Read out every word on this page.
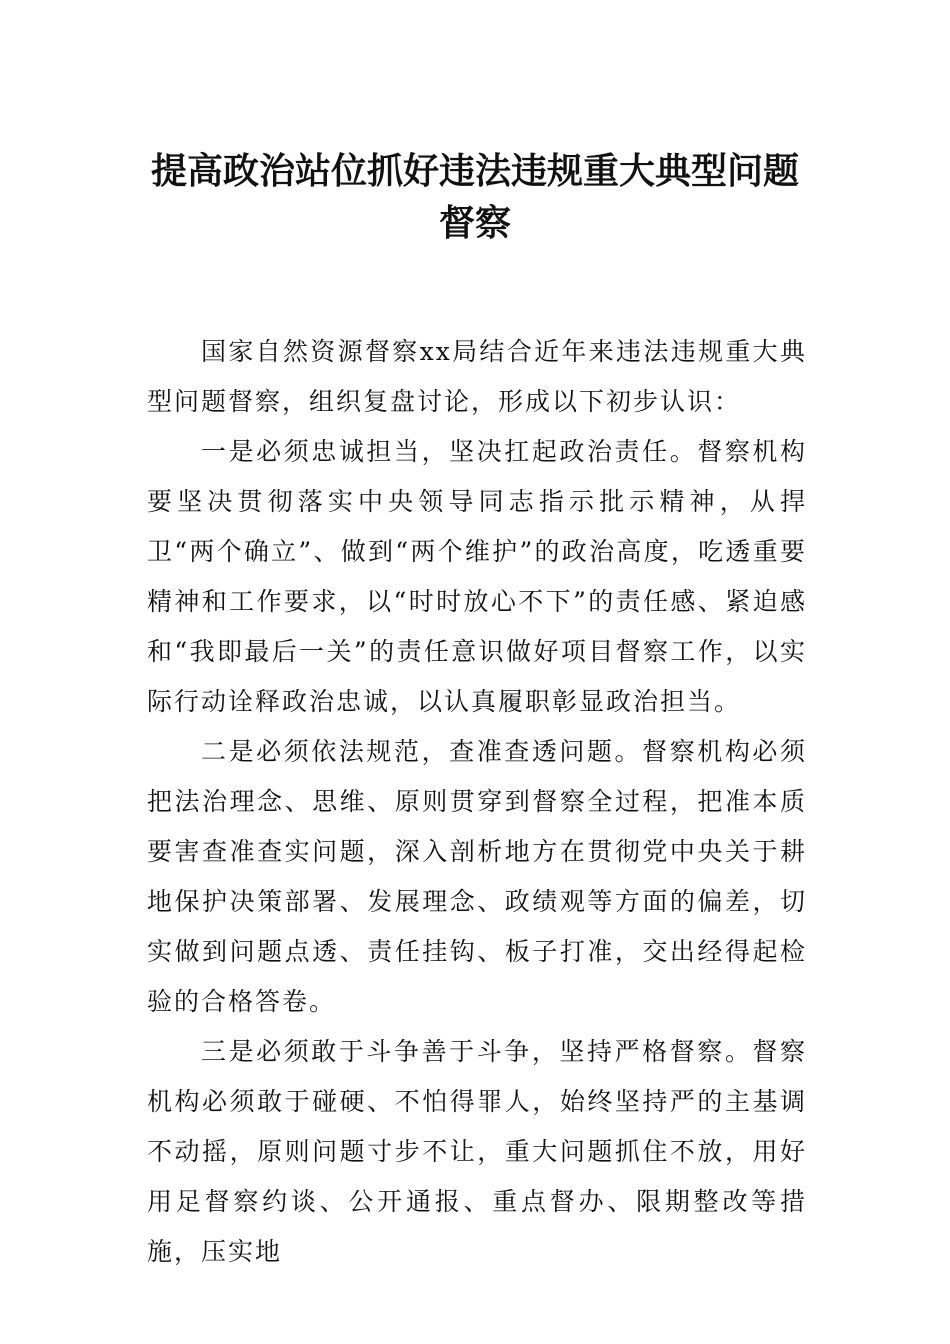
提高政治站位抓好违法违规重大典型问题
督察

国家自然资源督察xx局结合近年来违法违规重大典型问题督察，组织复盘讨论，形成以下初步认识：

一是必须忠诚担当，坚决扛起政治责任。督察机构要坚决贯彻落实中央领导同志指示批示精神，从捍卫“两个确立”、做到“两个维护”的政治高度，吃透重要精神和工作要求，以“时时放心不下”的责任感、紧迫感和“我即最后一关”的责任意识做好项目督察工作，以实际行动诠释政治忠诚，以认真履职彰显政治担当。

二是必须依法规范，查准查透问题。督察机构必须把法治理念、思维、原则贯穿到督察全过程，把准本质要害查准查实问题，深入剖析地方在贯彻党中央关于耕地保护决策部署、发展理念、政绩观等方面的偏差，切实做到问题点透、责任挂钩、板子打准，交出经得起检验的合格答卷。

三是必须敢于斗争善于斗争，坚持严格督察。督察机构必须敢于碰硬、不怕得罪人，始终坚持严的主基调不动摇，原则问题寸步不让，重大问题抓住不放，用好用足督察约谈、公开通报、重点督办、限期整改等措施，压实地
